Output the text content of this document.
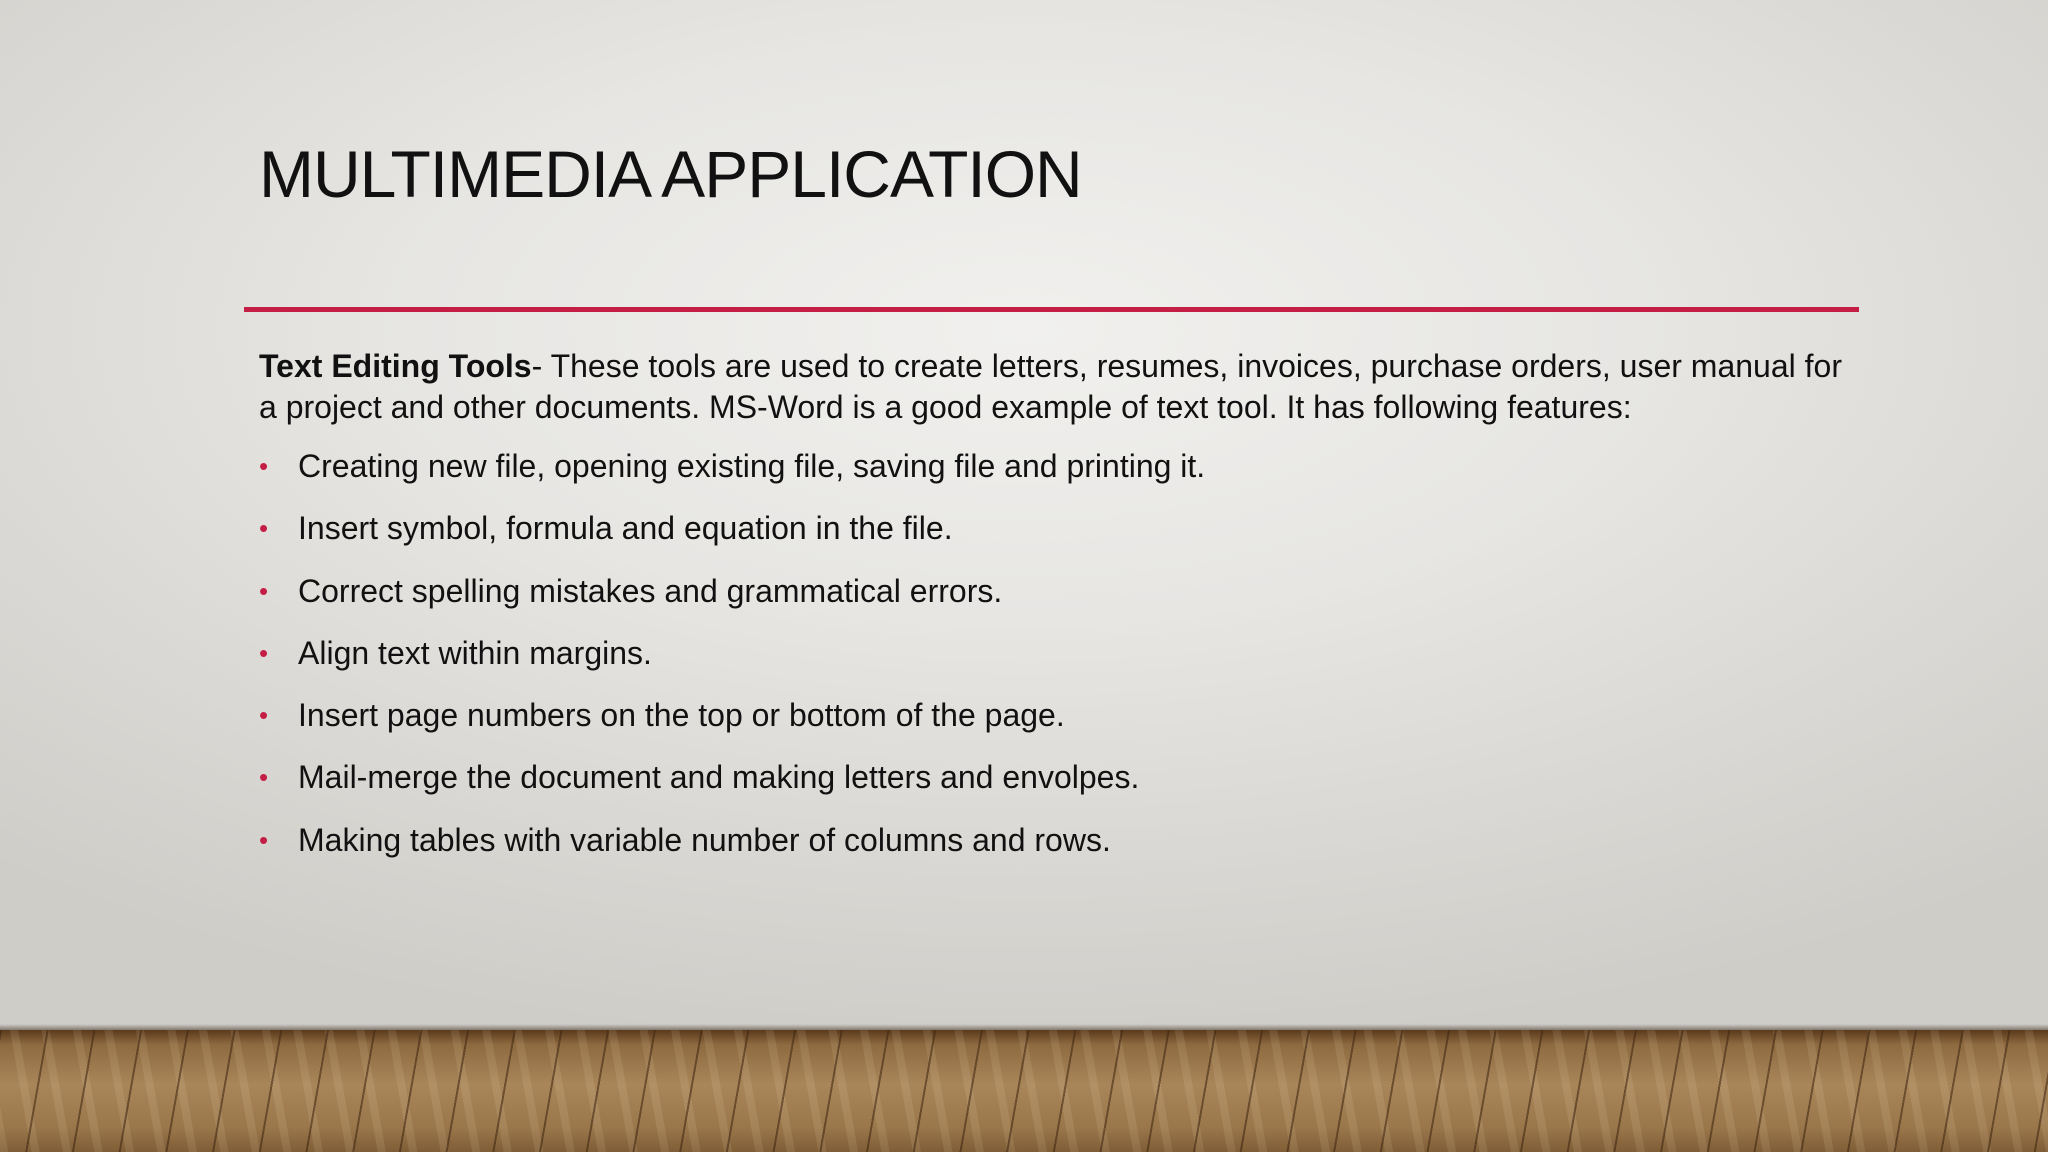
MULTIMEDIA APPLICATION

Text Editing Tools- These tools are used to create letters, resumes, invoices, purchase orders, user manual for a project and other documents. MS-Word is a good example of text tool. It has following features:

• Creating new file, opening existing file, saving file and printing it.
• Insert symbol, formula and equation in the file.
• Correct spelling mistakes and grammatical errors.
• Align text within margins.
• Insert page numbers on the top or bottom of the page.
• Mail-merge the document and making letters and envolpes.
• Making tables with variable number of columns and rows.
